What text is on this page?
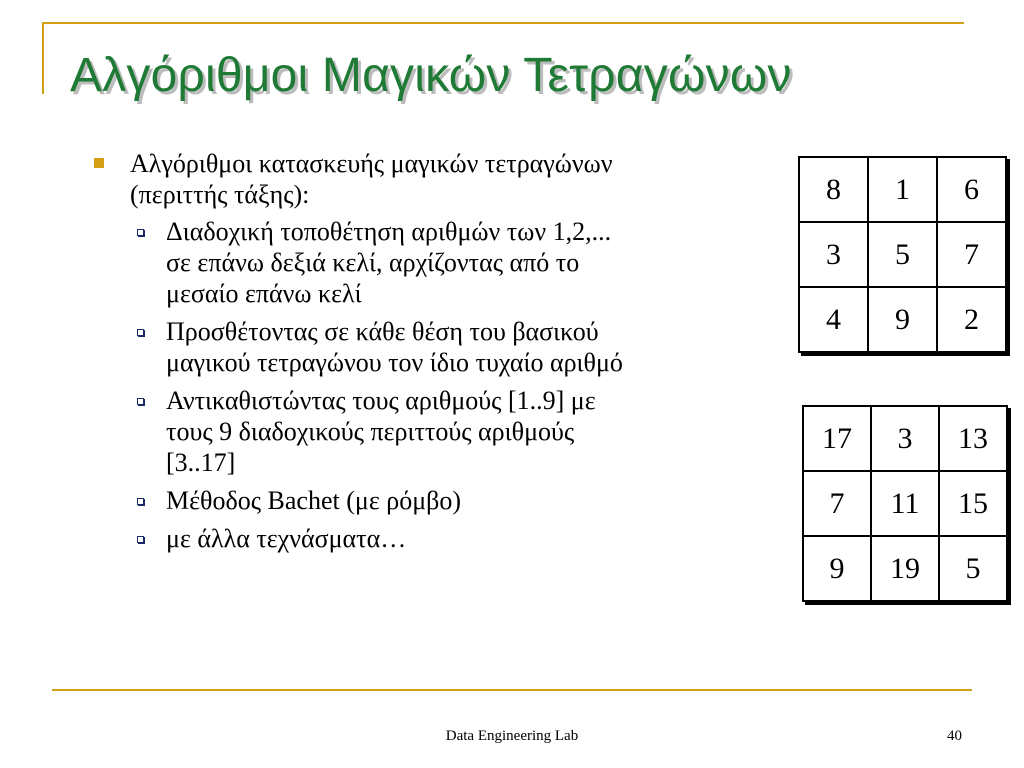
Αλγόριθμοι Μαγικών Τετραγώνων
Αλγόριθμοι κατασκευής μαγικών τετραγώνων
(περιττής τάξης):
Διαδοχική τοποθέτηση αριθμών των 1,2,...
σε επάνω δεξιά κελί, αρχίζοντας από το
μεσαίο επάνω κελί
Προσθέτοντας σε κάθε θέση του βασικού
μαγικού τετραγώνου τον ίδιο τυχαίο αριθμό
Αντικαθιστώντας τους αριθμούς [1..9] με
τους 9 διαδοχικούς περιττούς αριθμούς
[3..17]
Μέθοδος Bachet (με ρόμβο)
με άλλα τεχνάσματα…
8	1	6
3	5	7
4	9	2
17	3	13
7	11	15
9	19	5
Data Engineering Lab	40
